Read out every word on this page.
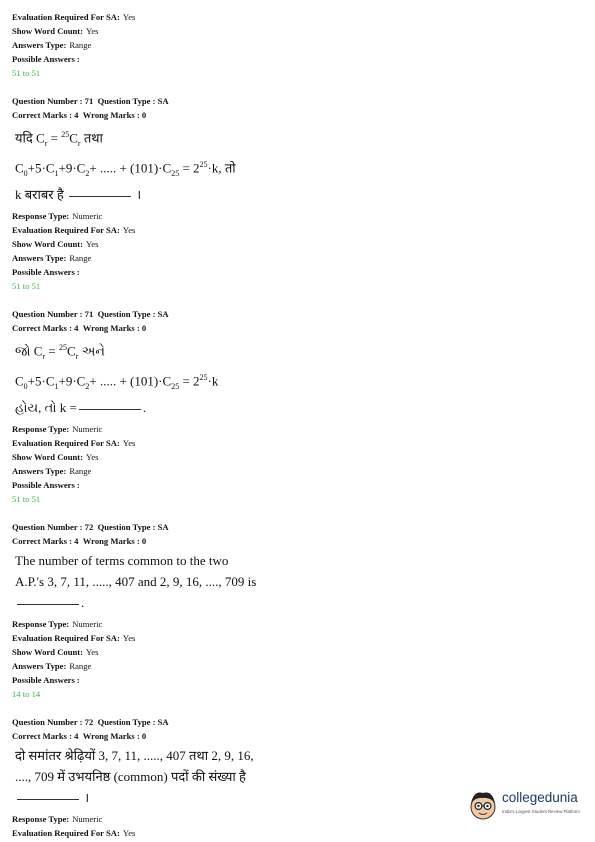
Evaluation Required For SA: Yes
Show Word Count: Yes
Answers Type: Range
Possible Answers :
51 to 51
Question Number : 71 Question Type : SA
Correct Marks : 4 Wrong Marks : 0
यदि $C_r = ^{25}C_r$ तथा
$C_0+5\cdot C_1+9\cdot C_2+$ ..... + $(101)\cdot C_{25} = 2^{25}\cdot k$, तो
k बराबर है	।
Response Type: Numeric
Evaluation Required For SA: Yes
Show Word Count: Yes
Answers Type: Range
Possible Answers :
51 to 51
Question Number : 71 Question Type : SA
Correct Marks : 4 Wrong Marks : 0
જો $C_r = ^{25}C_r$ અને
$C_0+5\cdot C_1+9\cdot C_2+$ ..... + $(101)\cdot C_{25} = 2^{25}\cdot k$
હોય, તો k =	.
Response Type: Numeric
Evaluation Required For SA: Yes
Show Word Count: Yes
Answers Type: Range
Possible Answers :
51 to 51
Question Number : 72 Question Type : SA
Correct Marks : 4 Wrong Marks : 0
The number of terms common to the two
A.P.'s 3, 7, 11, ....., 407 and 2, 9, 16, ...., 709 is
.
Response Type: Numeric
Evaluation Required For SA: Yes
Show Word Count: Yes
Answers Type: Range
Possible Answers :
14 to 14
Question Number : 72 Question Type : SA
Correct Marks : 4 Wrong Marks : 0
दो समांतर श्रेढ़ियों 3, 7, 11, ....., 407 तथा 2, 9, 16,
...., 709 में उभयनिष्ठ (common) पदों की संख्या है
।
Response Type: Numeric
Evaluation Required For SA: Yes
collegedunia
India's Largest Student Review Platform
